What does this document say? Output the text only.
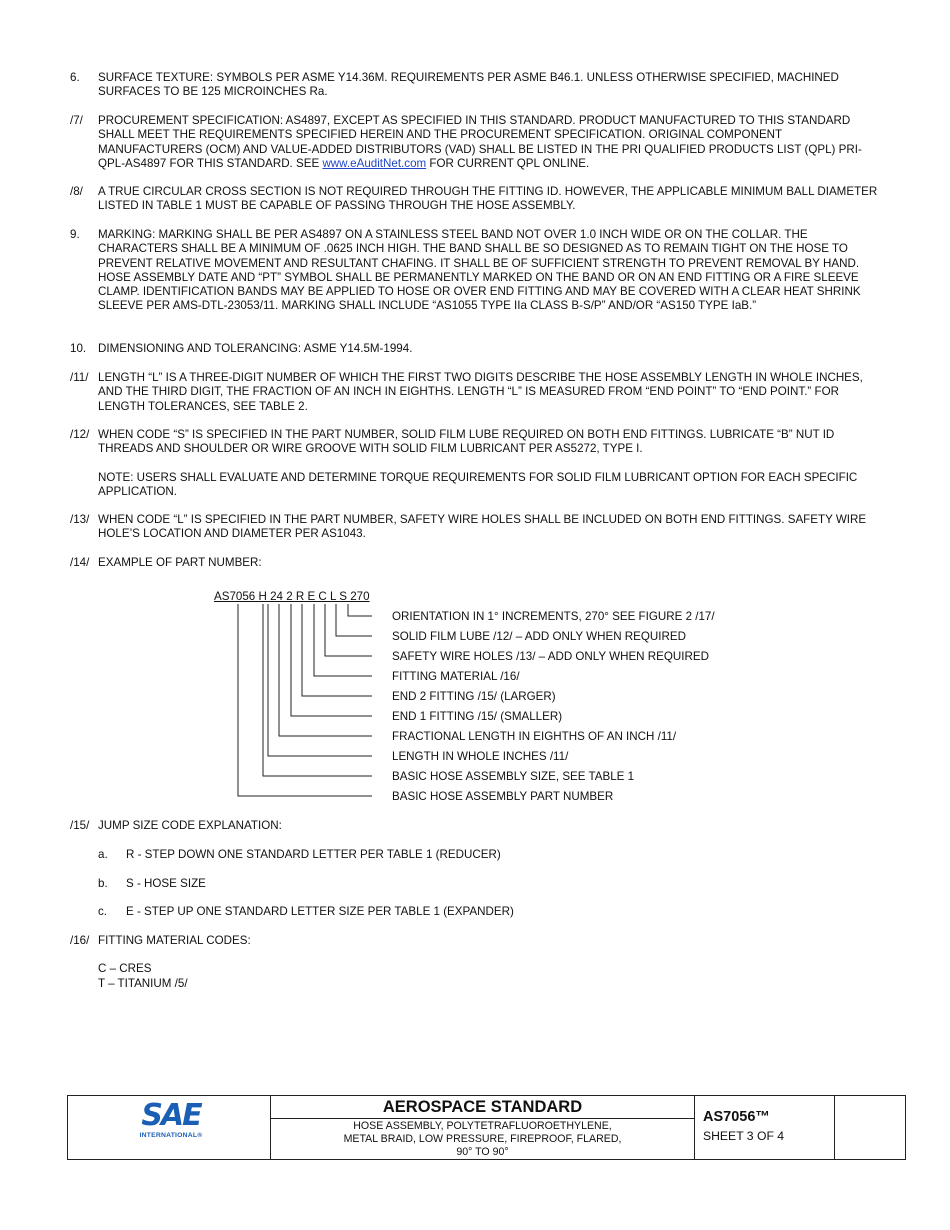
6. SURFACE TEXTURE: SYMBOLS PER ASME Y14.36M. REQUIREMENTS PER ASME B46.1. UNLESS OTHERWISE SPECIFIED, MACHINED SURFACES TO BE 125 MICROINCHES Ra.
/7/ PROCUREMENT SPECIFICATION: AS4897, EXCEPT AS SPECIFIED IN THIS STANDARD. PRODUCT MANUFACTURED TO THIS STANDARD SHALL MEET THE REQUIREMENTS SPECIFIED HEREIN AND THE PROCUREMENT SPECIFICATION. ORIGINAL COMPONENT MANUFACTURERS (OCM) AND VALUE-ADDED DISTRIBUTORS (VAD) SHALL BE LISTED IN THE PRI QUALIFIED PRODUCTS LIST (QPL) PRI-QPL-AS4897 FOR THIS STANDARD. SEE www.eAuditNet.com FOR CURRENT QPL ONLINE.
/8/ A TRUE CIRCULAR CROSS SECTION IS NOT REQUIRED THROUGH THE FITTING ID. HOWEVER, THE APPLICABLE MINIMUM BALL DIAMETER LISTED IN TABLE 1 MUST BE CAPABLE OF PASSING THROUGH THE HOSE ASSEMBLY.
9. MARKING: MARKING SHALL BE PER AS4897 ON A STAINLESS STEEL BAND NOT OVER 1.0 INCH WIDE OR ON THE COLLAR. THE CHARACTERS SHALL BE A MINIMUM OF .0625 INCH HIGH. THE BAND SHALL BE SO DESIGNED AS TO REMAIN TIGHT ON THE HOSE TO PREVENT RELATIVE MOVEMENT AND RESULTANT CHAFING. IT SHALL BE OF SUFFICIENT STRENGTH TO PREVENT REMOVAL BY HAND. HOSE ASSEMBLY DATE AND “PT” SYMBOL SHALL BE PERMANENTLY MARKED ON THE BAND OR ON AN END FITTING OR A FIRE SLEEVE CLAMP. IDENTIFICATION BANDS MAY BE APPLIED TO HOSE OR OVER END FITTING AND MAY BE COVERED WITH A CLEAR HEAT SHRINK SLEEVE PER AMS-DTL-23053/11. MARKING SHALL INCLUDE “AS1055 TYPE IIa CLASS B-S/P” AND/OR “AS150 TYPE IaB.”
10. DIMENSIONING AND TOLERANCING: ASME Y14.5M-1994.
/11/ LENGTH “L” IS A THREE-DIGIT NUMBER OF WHICH THE FIRST TWO DIGITS DESCRIBE THE HOSE ASSEMBLY LENGTH IN WHOLE INCHES, AND THE THIRD DIGIT, THE FRACTION OF AN INCH IN EIGHTHS. LENGTH “L” IS MEASURED FROM “END POINT” TO “END POINT.” FOR LENGTH TOLERANCES, SEE TABLE 2.
/12/ WHEN CODE “S” IS SPECIFIED IN THE PART NUMBER, SOLID FILM LUBE REQUIRED ON BOTH END FITTINGS. LUBRICATE “B” NUT ID THREADS AND SHOULDER OR WIRE GROOVE WITH SOLID FILM LUBRICANT PER AS5272, TYPE I.
NOTE: USERS SHALL EVALUATE AND DETERMINE TORQUE REQUIREMENTS FOR SOLID FILM LUBRICANT OPTION FOR EACH SPECIFIC APPLICATION.
/13/ WHEN CODE “L” IS SPECIFIED IN THE PART NUMBER, SAFETY WIRE HOLES SHALL BE INCLUDED ON BOTH END FITTINGS. SAFETY WIRE HOLE’S LOCATION AND DIAMETER PER AS1043.
/14/ EXAMPLE OF PART NUMBER:
AS7056 H 24 2 R E C L S 270
ORIENTATION IN 1° INCREMENTS, 270° SEE FIGURE 2 /17/
SOLID FILM LUBE /12/ – ADD ONLY WHEN REQUIRED
SAFETY WIRE HOLES /13/ – ADD ONLY WHEN REQUIRED
FITTING MATERIAL /16/
END 2 FITTING /15/ (LARGER)
END 1 FITTING /15/ (SMALLER)
FRACTIONAL LENGTH IN EIGHTHS OF AN INCH /11/
LENGTH IN WHOLE INCHES /11/
BASIC HOSE ASSEMBLY SIZE, SEE TABLE 1
BASIC HOSE ASSEMBLY PART NUMBER
/15/ JUMP SIZE CODE EXPLANATION:
a. R - STEP DOWN ONE STANDARD LETTER PER TABLE 1 (REDUCER)
b. S - HOSE SIZE
c. E - STEP UP ONE STANDARD LETTER SIZE PER TABLE 1 (EXPANDER)
/16/ FITTING MATERIAL CODES:
C – CRES
T – TITANIUM /5/
SAE
INTERNATIONAL®
AEROSPACE STANDARD
HOSE ASSEMBLY, POLYTETRAFLUOROETHYLENE,
METAL BRAID, LOW PRESSURE, FIREPROOF, FLARED,
90° TO 90°
AS7056™
SHEET 3 OF 4
